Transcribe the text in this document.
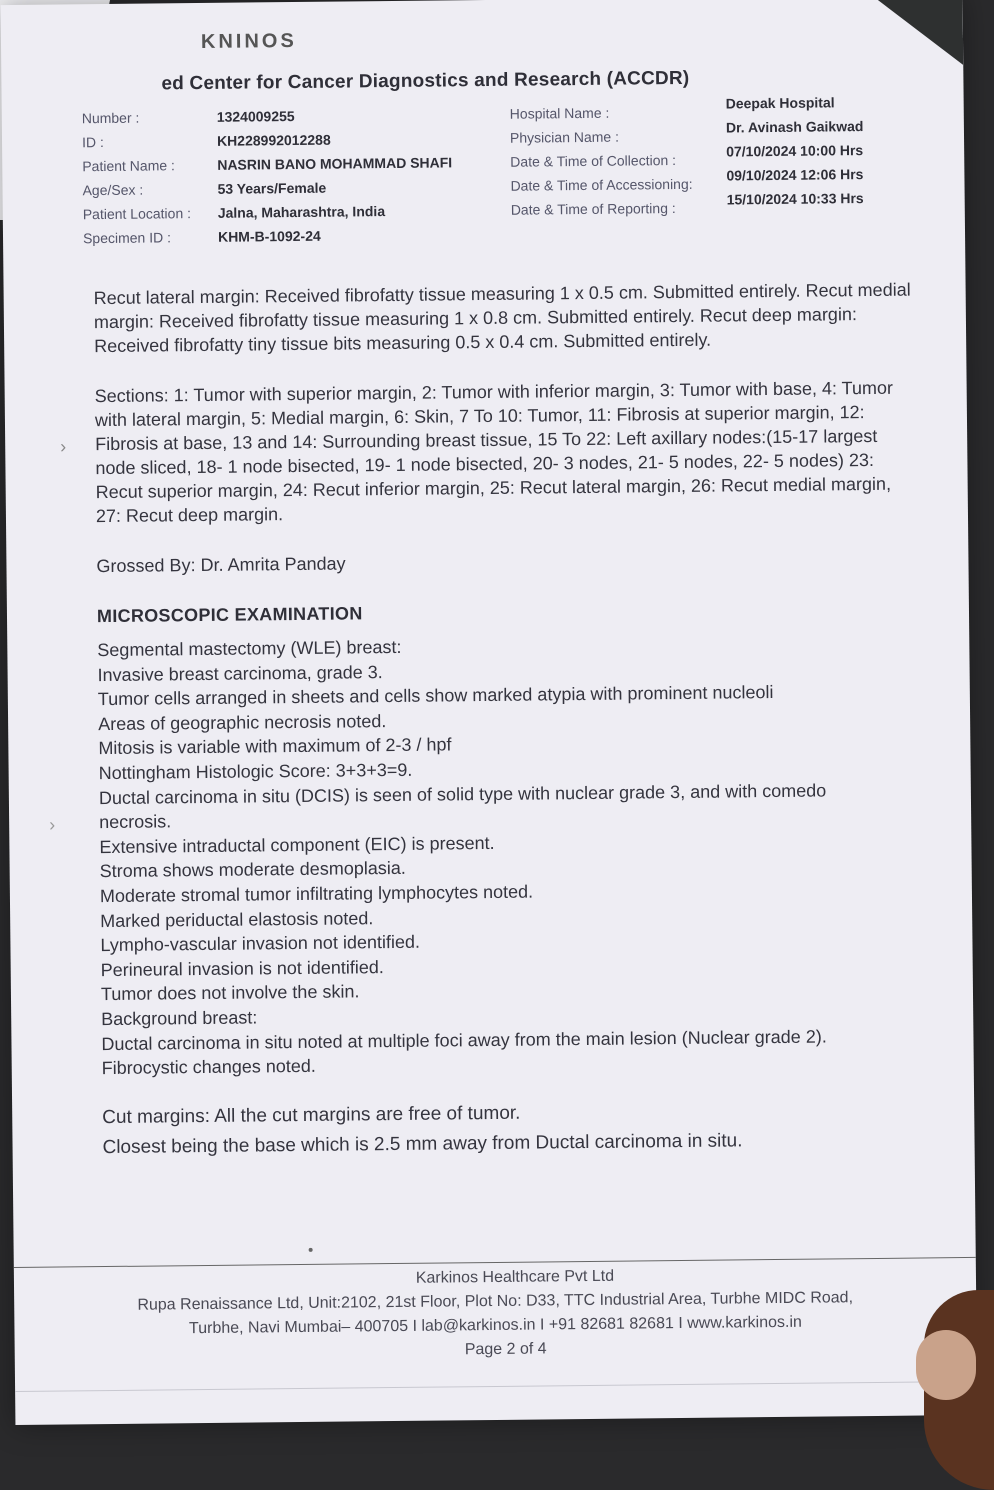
KNINOS
ed Center for Cancer Diagnostics and Research (ACCDR)
Number :
ID :
Patient Name :
Age/Sex :
Patient Location :
Specimen ID :
1324009255
KH228992012288
NASRIN BANO MOHAMMAD SHAFI
53 Years/Female
Jalna, Maharashtra, India
KHM-B-1092-24
Hospital Name :
Physician Name :
Date & Time of Collection :
Date & Time of Accessioning:
Date & Time of Reporting :
Deepak Hospital
Dr. Avinash Gaikwad
07/10/2024 10:00 Hrs
09/10/2024 12:06 Hrs
15/10/2024 10:33 Hrs
›
›

Recut lateral margin: Received fibrofatty tissue measuring 1 x 0.5 cm. Submitted entirely. Recut medial margin: Received fibrofatty tissue measuring 1 x 0.8 cm. Submitted entirely. Recut deep margin: Received fibrofatty tiny tissue bits measuring 0.5 x 0.4 cm. Submitted entirely.

Sections: 1: Tumor with superior margin, 2: Tumor with inferior margin, 3: Tumor with base, 4: Tumor with lateral margin, 5: Medial margin, 6: Skin, 7 To 10: Tumor, 11: Fibrosis at superior margin, 12: Fibrosis at base, 13 and 14: Surrounding breast tissue, 15 To 22: Left axillary nodes:(15-17 largest node sliced, 18- 1 node bisected, 19- 1 node bisected, 20- 3 nodes, 21- 5 nodes, 22- 5 nodes) 23: Recut superior margin, 24: Recut inferior margin, 25: Recut lateral margin, 26: Recut medial margin, 27: Recut deep margin.

Grossed By: Dr. Amrita Panday

MICROSCOPIC EXAMINATION

Segmental mastectomy (WLE) breast:

Invasive breast carcinoma, grade 3.

Tumor cells arranged in sheets and cells show marked atypia with prominent nucleoli

Areas of geographic necrosis noted.

Mitosis is variable with maximum of 2-3 / hpf

Nottingham Histologic Score: 3+3+3=9.

Ductal carcinoma in situ (DCIS) is seen of solid type with nuclear grade 3, and with comedo

necrosis.

Extensive intraductal component (EIC) is present.

Stroma shows moderate desmoplasia.

Moderate stromal tumor infiltrating lymphocytes noted.

Marked periductal elastosis noted.

Lympho-vascular invasion not identified.

Perineural invasion is not identified.

Tumor does not involve the skin.

Background breast:

Ductal carcinoma in situ noted at multiple foci away from the main lesion (Nuclear grade 2).

Fibrocystic changes noted.

Cut margins: All the cut margins are free of tumor.
Closest being the base which is 2.5 mm away from Ductal carcinoma in situ.
Karkinos Healthcare Pvt Ltd
Rupa Renaissance Ltd, Unit:2102, 21st Floor, Plot No: D33, TTC Industrial Area, Turbhe MIDC Road,
Turbhe, Navi Mumbai– 400705 I lab@karkinos.in I +91 82681 82681 I www.karkinos.in
Page 2 of 4
